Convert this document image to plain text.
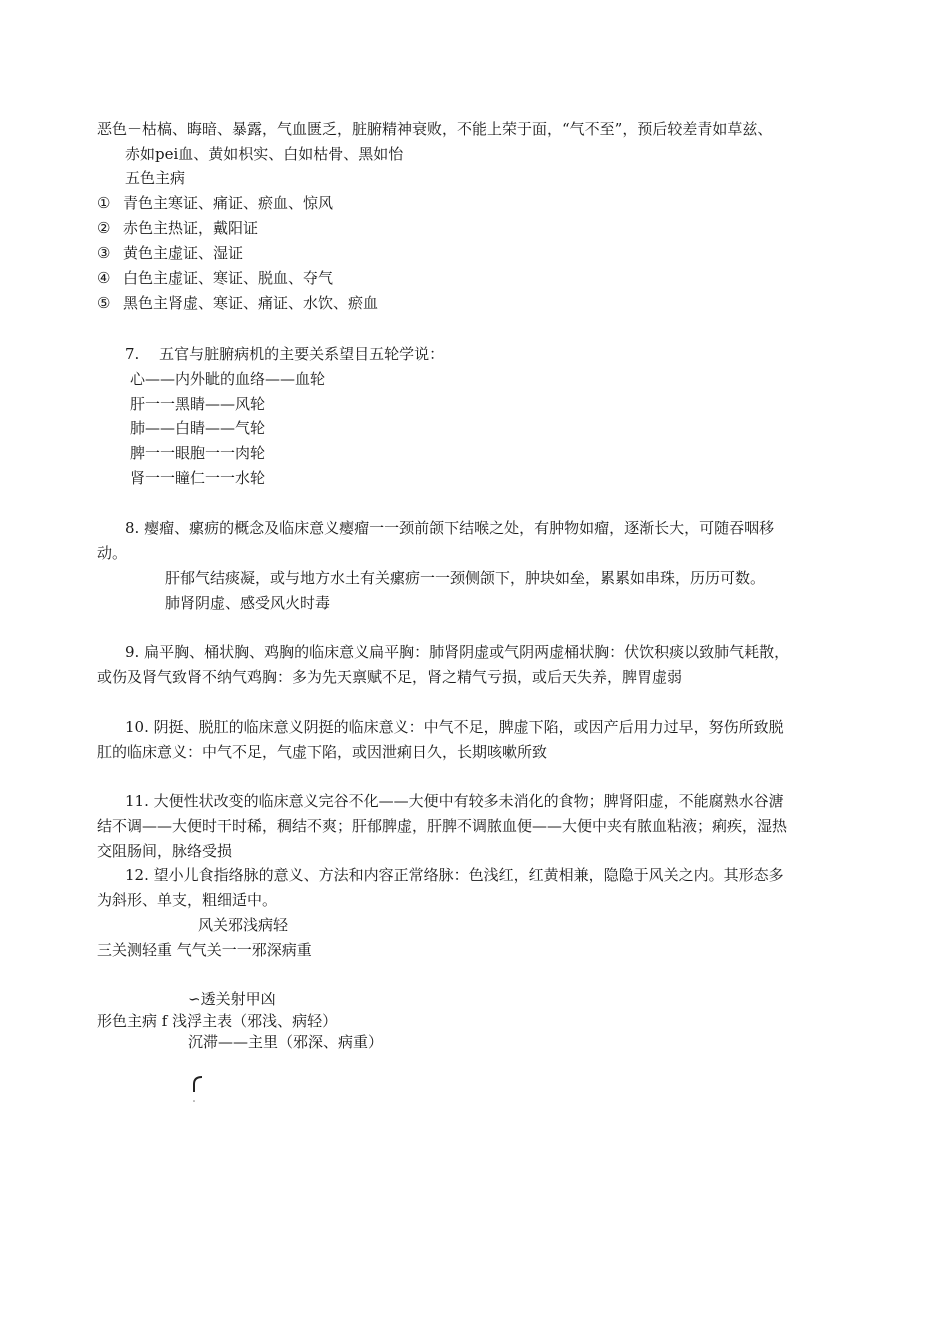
恶色－枯槁、晦暗、暴露，气血匮乏，脏腑精神衰败，不能上荣于面，“气不至”，预后较差青如草兹、
赤如pei血、黄如枳实、白如枯骨、黑如怡
五色主病
① 青色主寒证、痛证、瘀血、惊风
② 赤色主热证，戴阳证
③ 黄色主虚证、湿证
④ 白色主虚证、寒证、脱血、夺气
⑤ 黑色主肾虚、寒证、痛证、水饮、瘀血
7.　 五官与脏腑病机的主要关系望目五轮学说：
心——内外眦的血络——血轮
肝一一黑睛——风轮
肺——白睛——气轮
脾一一眼胞一一肉轮
肾一一瞳仁一一水轮
8. 瘿瘤、瘰疬的概念及临床意义瘿瘤一一颈前颌下结喉之处，有肿物如瘤，逐渐长大，可随吞咽移
动。
肝郁气结痰凝，或与地方水土有关瘰疬一一颈侧颌下，肿块如垒，累累如串珠，历历可数。
肺肾阴虚、感受风火时毒
9. 扁平胸、桶状胸、鸡胸的临床意义扁平胸：肺肾阴虚或气阴两虚桶状胸：伏饮积痰以致肺气耗散，
或伤及肾气致肾不纳气鸡胸：多为先天禀赋不足，肾之精气亏损，或后天失养，脾胃虚弱
10. 阴挺、脱肛的临床意义阴挺的临床意义：中气不足，脾虚下陷，或因产后用力过早，努伤所致脱
肛的临床意义：中气不足，气虚下陷，或因泄痢日久，长期咳嗽所致
11. 大便性状改变的临床意义完谷不化——大便中有较多未消化的食物；脾肾阳虚，不能腐熟水谷溏
结不调——大便时干时稀，稠结不爽；肝郁脾虚，肝脾不调脓血便——大便中夹有脓血粘液；痢疾，湿热
交阻肠间，脉络受损
12. 望小儿食指络脉的意义、方法和内容正常络脉：色浅红，红黄相兼，隐隐于风关之内。其形态多
为斜形、单支，粗细适中。
风关邪浅病轻
三关测轻重 气气关一一邪深病重
∽透关射甲凶
形色主病 f 浅浮主表（邪浅、病轻）
沉滞——主里（邪深、病重）
